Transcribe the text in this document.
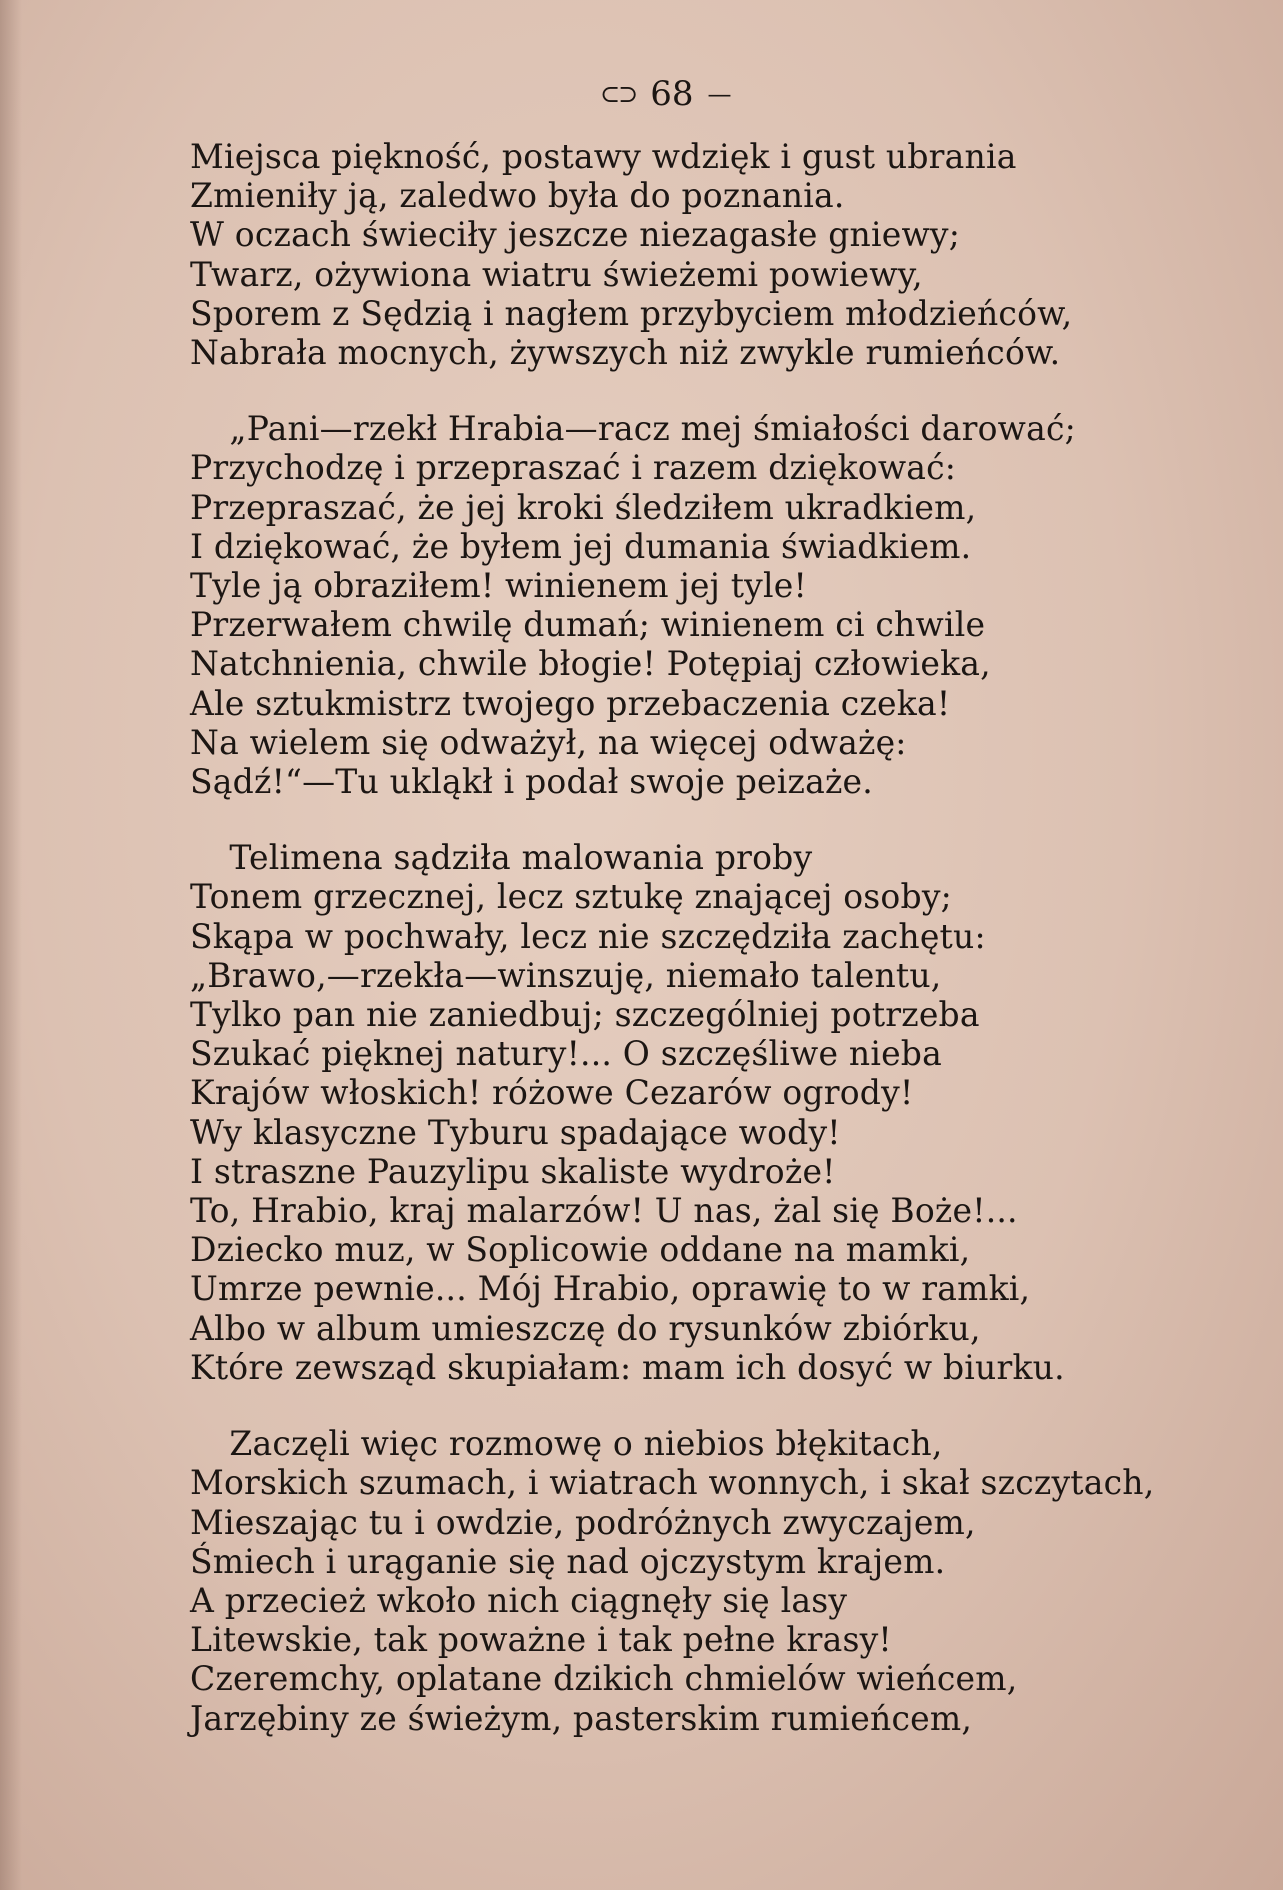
⊂⊃ 68 —
Miejsca piękność, postawy wdzięk i gust ubrania
Zmieniły ją, zaledwo była do poznania.
W oczach świeciły jeszcze niezagasłe gniewy;
Twarz, ożywiona wiatru świeżemi powiewy,
Sporem z Sędzią i nagłem przybyciem młodzieńców,
Nabrała mocnych, żywszych niż zwykle rumieńców.
„Pani—rzekł Hrabia—racz mej śmiałości darować;
Przychodzę i przepraszać i razem dziękować:
Przepraszać, że jej kroki śledziłem ukradkiem,
I dziękować, że byłem jej dumania świadkiem.
Tyle ją obraziłem! winienem jej tyle!
Przerwałem chwilę dumań; winienem ci chwile
Natchnienia, chwile błogie! Potępiaj człowieka,
Ale sztukmistrz twojego przebaczenia czeka!
Na wielem się odważył, na więcej odważę:
Sądź!“—Tu ukląkł i podał swoje peizaże.
Telimena sądziła malowania proby
Tonem grzecznej, lecz sztukę znającej osoby;
Skąpa w pochwały, lecz nie szczędziła zachętu:
„Brawo,—rzekła—winszuję, niemało talentu,
Tylko pan nie zaniedbuj; szczególniej potrzeba
Szukać pięknej natury!... O szczęśliwe nieba
Krajów włoskich! różowe Cezarów ogrody!
Wy klasyczne Tyburu spadające wody!
I straszne Pauzylipu skaliste wydroże!
To, Hrabio, kraj malarzów! U nas, żal się Boże!...
Dziecko muz, w Soplicowie oddane na mamki,
Umrze pewnie... Mój Hrabio, oprawię to w ramki,
Albo w album umieszczę do rysunków zbiórku,
Które zewsząd skupiałam: mam ich dosyć w biurku.
Zaczęli więc rozmowę o niebios błękitach,
Morskich szumach, i wiatrach wonnych, i skał szczytach,
Mieszając tu i owdzie, podróżnych zwyczajem,
Śmiech i urąganie się nad ojczystym krajem.
A przecież wkoło nich ciągnęły się lasy
Litewskie, tak poważne i tak pełne krasy!
Czeremchy, oplatane dzikich chmielów wieńcem,
Jarzębiny ze świeżym, pasterskim rumieńcem,
